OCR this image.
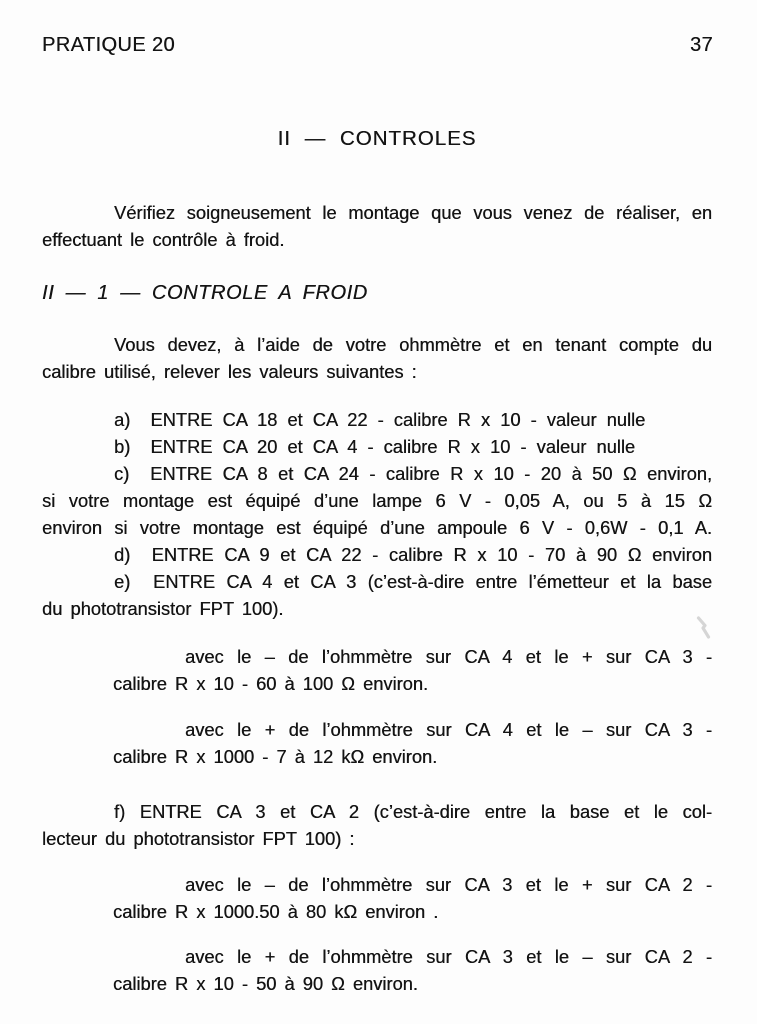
PRATIQUE 20	37
II — CONTROLES
Vérifiez soigneusement le montage que vous venez de réaliser, en
effectuant le contrôle à froid.
II — 1 — CONTROLE A FROID
Vous devez, à l’aide de votre ohmmètre et en tenant compte du
calibre utilisé, relever les valeurs suivantes :
a)  ENTRE CA 18 et CA 22 - calibre R x 10 - valeur nulle
b)  ENTRE CA 20 et CA 4 - calibre R x 10 - valeur nulle
c)  ENTRE CA 8 et CA 24 - calibre R x 10 - 20 à 50 Ω environ,
si votre montage est équipé d’une lampe 6 V - 0,05 A, ou 5 à 15 Ω
environ si votre montage est équipé d’une ampoule 6 V - 0,6W - 0,1 A.
d)  ENTRE CA 9 et CA 22 - calibre R x 10 - 70 à 90 Ω environ
e)  ENTRE CA 4 et CA 3 (c’est-à-dire entre l’émetteur et la base
du phototransistor FPT 100).
avec le – de l’ohmmètre sur CA 4 et le + sur CA 3 -
calibre R x 10 - 60 à 100 Ω environ.
avec le + de l’ohmmètre sur CA 4 et le – sur CA 3 -
calibre R x 1000 - 7 à 12 kΩ environ.
f) ENTRE CA 3 et CA 2 (c’est-à-dire entre la base et le col-
lecteur du phototransistor FPT 100) :
avec le – de l’ohmmètre sur CA 3 et le + sur CA 2 -
calibre R x 1000.50 à 80 kΩ environ .
avec le + de l’ohmmètre sur CA 3 et le – sur CA 2 -
calibre R x 10 - 50 à 90 Ω environ.
